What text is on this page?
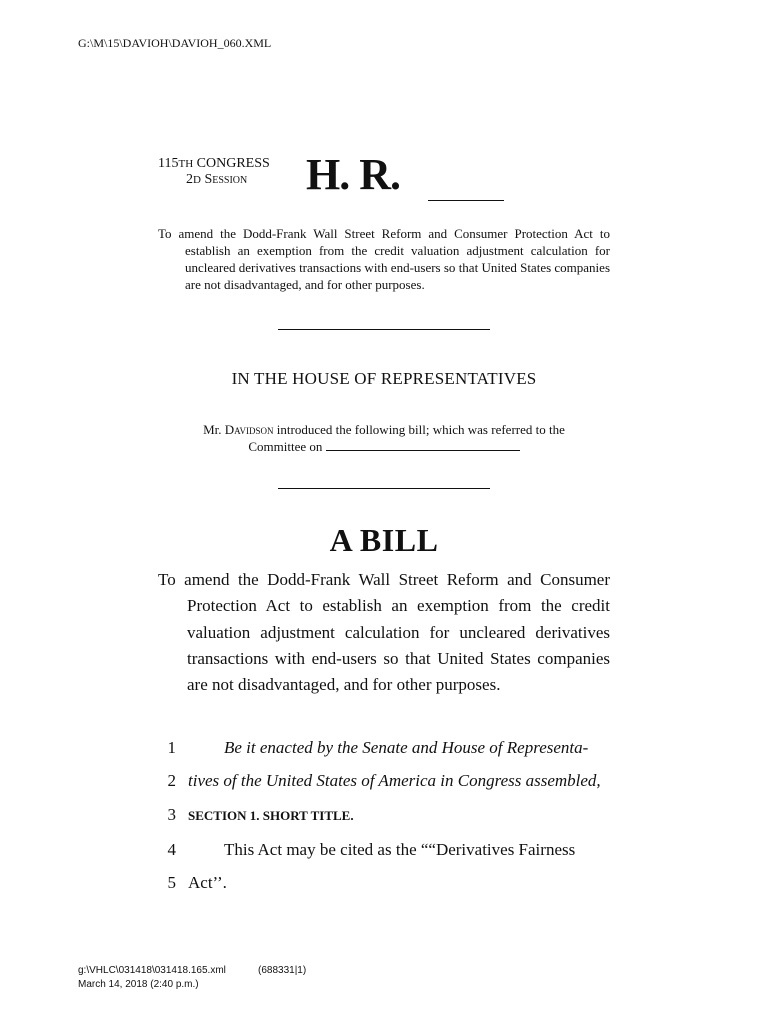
G:\M\15\DAVIOH\DAVIOH_060.XML
115TH CONGRESS
2D Session H. R.
To amend the Dodd-Frank Wall Street Reform and Consumer Protection Act to establish an exemption from the credit valuation adjustment calculation for uncleared derivatives transactions with end-users so that United States companies are not disadvantaged, and for other purposes.
IN THE HOUSE OF REPRESENTATIVES
Mr. Davidson introduced the following bill; which was referred to the
Committee on
A BILL
To amend the Dodd-Frank Wall Street Reform and Consumer Protection Act to establish an exemption from the credit valuation adjustment calculation for uncleared derivatives transactions with end-users so that United States companies are not disadvantaged, and for other purposes.
1	Be it enacted by the Senate and House of Representa-
2 tives of the United States of America in Congress assembled,
3 SECTION 1. SHORT TITLE.
4	This Act may be cited as the ““Derivatives Fairness
5 Act’’.
g:\VHLC\031418\031418.165.xml	(688331|1)
March 14, 2018 (2:40 p.m.)
